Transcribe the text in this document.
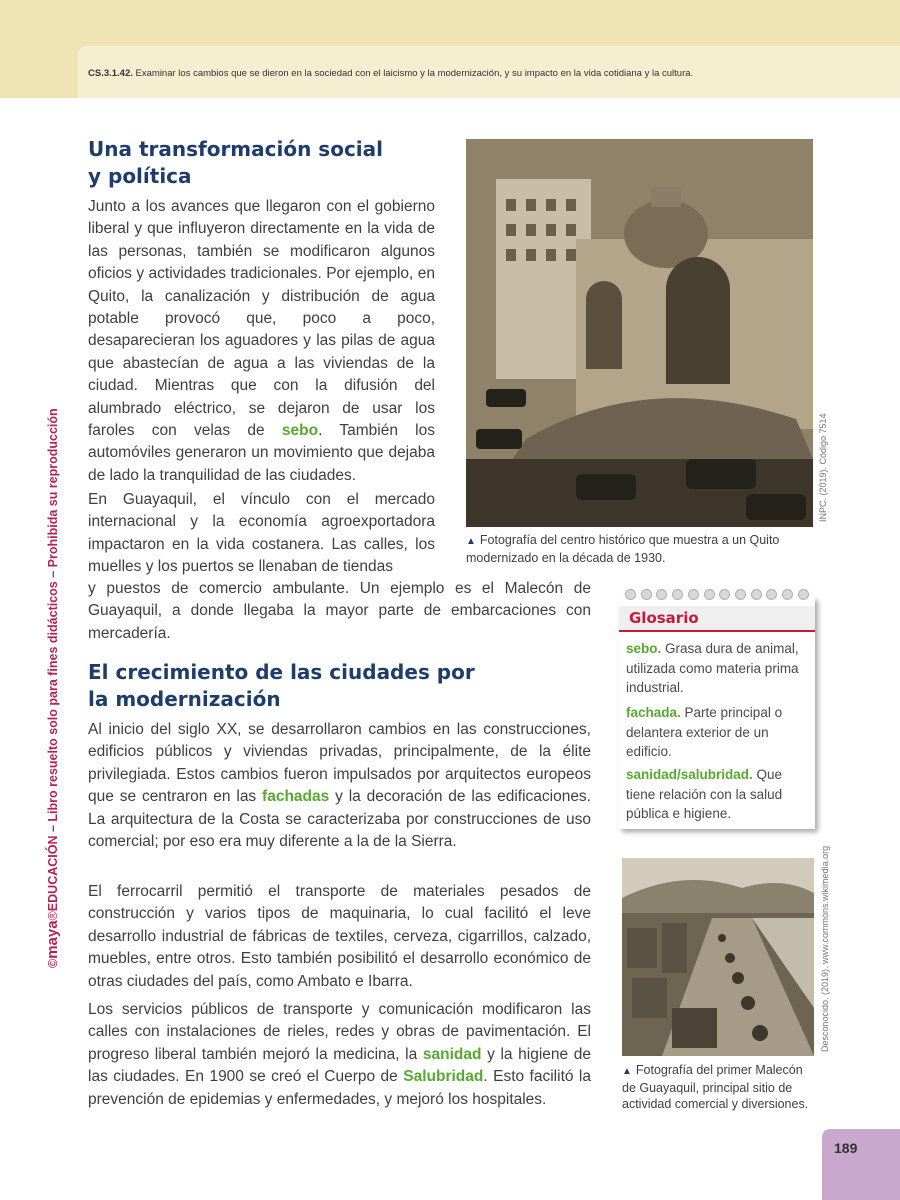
CS.3.1.42. Examinar los cambios que se dieron en la sociedad con el laicismo y la modernización, y su impacto en la vida cotidiana y la cultura.
©maya®EDUCACIÓN – Libro resuelto solo para fines didácticos – Prohibida su reproducción
Una transformación social
y política

Junto a los avances que llegaron con el gobierno liberal y que influyeron directamente en la vida de las personas, también se modificaron algunos oficios y actividades tradicionales. Por ejemplo, en Quito, la canalización y distribución de agua potable provocó que, poco a poco, desaparecieran los aguadores y las pilas de agua que abastecían de agua a las viviendas de la ciudad. Mientras que con la difusión del alumbrado eléctrico, se dejaron de usar los faroles con velas de sebo. También los automóviles generaron un movimiento que dejaba de lado la tranquilidad de las ciudades.

En Guayaquil, el vínculo con el mercado internacional y la economía agroexportadora impactaron en la vida costanera. Las calles, los muelles y los puertos se llenaban de tiendas

y puestos de comercio ambulante. Un ejemplo es el Malecón de Guayaquil, a donde llegaba la mayor parte de embarcaciones con mercadería.

El crecimiento de las ciudades por
la modernización

Al inicio del siglo XX, se desarrollaron cambios en las construcciones, edificios públicos y viviendas privadas, principalmente, de la élite privilegiada. Estos cambios fueron impulsados por arquitectos europeos que se centraron en las fachadas y la decoración de las edificaciones. La arquitectura de la Costa se caracterizaba por construcciones de uso comercial; por eso era muy diferente a la de la Sierra.

El ferrocarril permitió el transporte de materiales pesados de construcción y varios tipos de maquinaria, lo cual facilitó el leve desarrollo industrial de fábricas de textiles, cerveza, cigarrillos, calzado, muebles, entre otros. Esto también posibilitó el desarrollo económico de otras ciudades del país, como Ambato e Ibarra.

Los servicios públicos de transporte y comunicación modificaron las calles con instalaciones de rieles, redes y obras de pavimentación. El progreso liberal también mejoró la medicina, la sanidad y la higiene de las ciudades. En 1900 se creó el Cuerpo de Salubridad. Esto facilitó la prevención de epidemias y enfermedades, y mejoró los hospitales.

INPC. (2019). Código 7514
▲ Fotografía del centro histórico que muestra a un Quito modernizado en la década de 1930.
Glosario
sebo. Grasa dura de animal, utilizada como materia prima industrial.
fachada. Parte principal o delantera exterior de un edificio.
sanidad/salubridad. Que tiene relación con la salud pública e higiene.
Desconocido. (2019). www.commons.wikimedia.org
▲ Fotografía del primer Malecón de Guayaquil, principal sitio de actividad comercial y diversiones.
189
